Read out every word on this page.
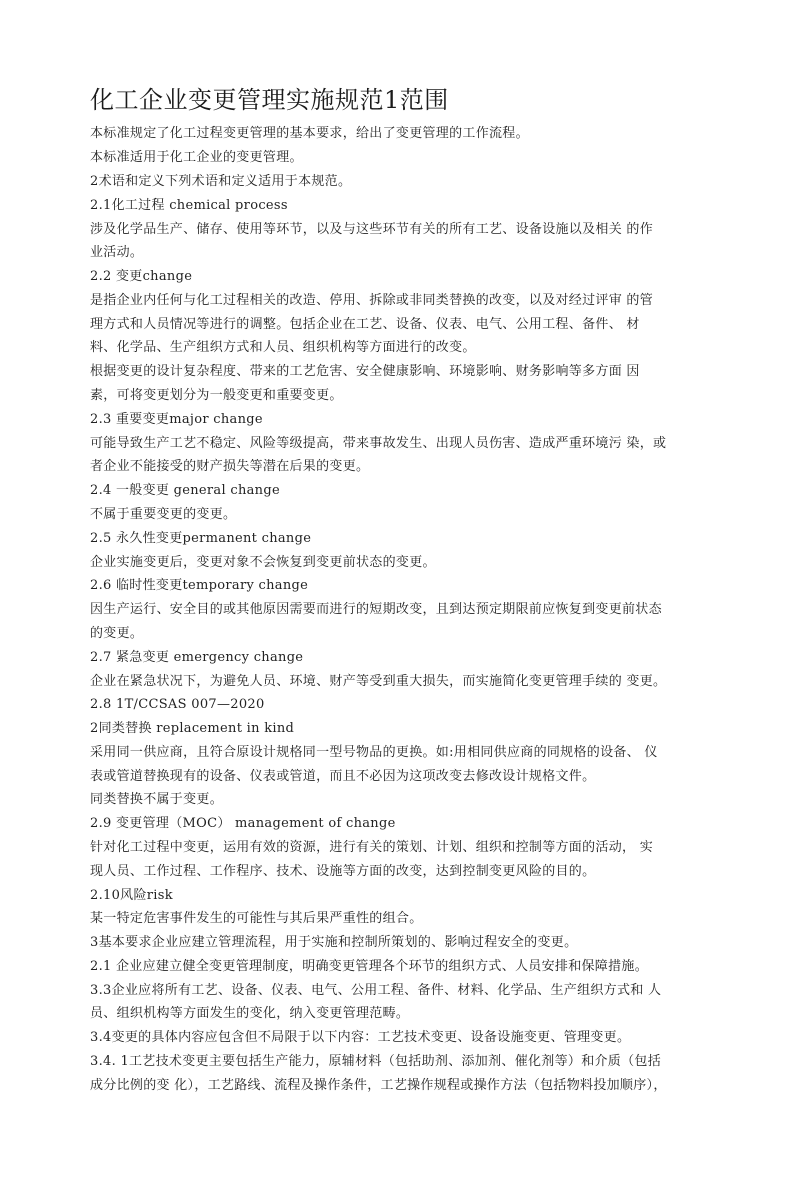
化工企业变更管理实施规范1范围
本标准规定了化工过程变更管理的基本要求，给出了变更管理的工作流程。
本标准适用于化工企业的变更管理。
2术语和定义下列术语和定义适用于本规范。
2.1化工过程 chemical process
涉及化学品生产、储存、使用等环节，以及与这些环节有关的所有工艺、设备设施以及相关 的作
业活动。
2.2 变更change
是指企业内任何与化工过程相关的改造、停用、拆除或非同类替换的改变，以及对经过评审 的管
理方式和人员情况等进行的调整。包括企业在工艺、设备、仪表、电气、公用工程、备件、 材
料、化学品、生产组织方式和人员、组织机构等方面进行的改变。
根据变更的设计复杂程度、带来的工艺危害、安全健康影响、环境影响、财务影响等多方面 因
素，可将变更划分为一般变更和重要变更。
2.3 重要变更major change
可能导致生产工艺不稳定、风险等级提高，带来事故发生、出现人员伤害、造成严重环境污 染，或
者企业不能接受的财产损失等潜在后果的变更。
2.4 一般变更 general change
不属于重要变更的变更。
2.5 永久性变更permanent change
企业实施变更后，变更对象不会恢复到变更前状态的变更。
2.6 临时性变更temporary change
因生产运行、安全目的或其他原因需要而进行的短期改变，且到达预定期限前应恢复到变更前状态
的变更。
2.7 紧急变更 emergency change
企业在紧急状况下，为避免人员、环境、财产等受到重大损失，而实施简化变更管理手续的 变更。
2.8 1T/CCSAS 007—2020
2同类替换 replacement in kind
采用同一供应商，且符合原设计规格同一型号物品的更换。如:用相同供应商的同规格的设备、 仪
表或管道替换现有的设备、仪表或管道，而且不必因为这项改变去修改设计规格文件。
同类替换不属于变更。
2.9 变更管理（MOC） management of change
针对化工过程中变更，运用有效的资源，进行有关的策划、计划、组织和控制等方面的活动， 实
现人员、工作过程、工作程序、技术、设施等方面的改变，达到控制变更风险的目的。
2.10风险risk
某一特定危害事件发生的可能性与其后果严重性的组合。
3基本要求企业应建立管理流程，用于实施和控制所策划的、影响过程安全的变更。
2.1 企业应建立健全变更管理制度，明确变更管理各个环节的组织方式、人员安排和保障措施。
3.3企业应将所有工艺、设备、仪表、电气、公用工程、备件、材料、化学品、生产组织方式和 人
员、组织机构等方面发生的变化，纳入变更管理范畴。
3.4变更的具体内容应包含但不局限于以下内容：工艺技术变更、设备设施变更、管理变更。
3.4. 1工艺技术变更主要包括生产能力，原辅材料（包括助剂、添加剂、催化剂等）和介质（包括
成分比例的变 化），工艺路线、流程及操作条件，工艺操作规程或操作方法（包括物料投加顺序），
